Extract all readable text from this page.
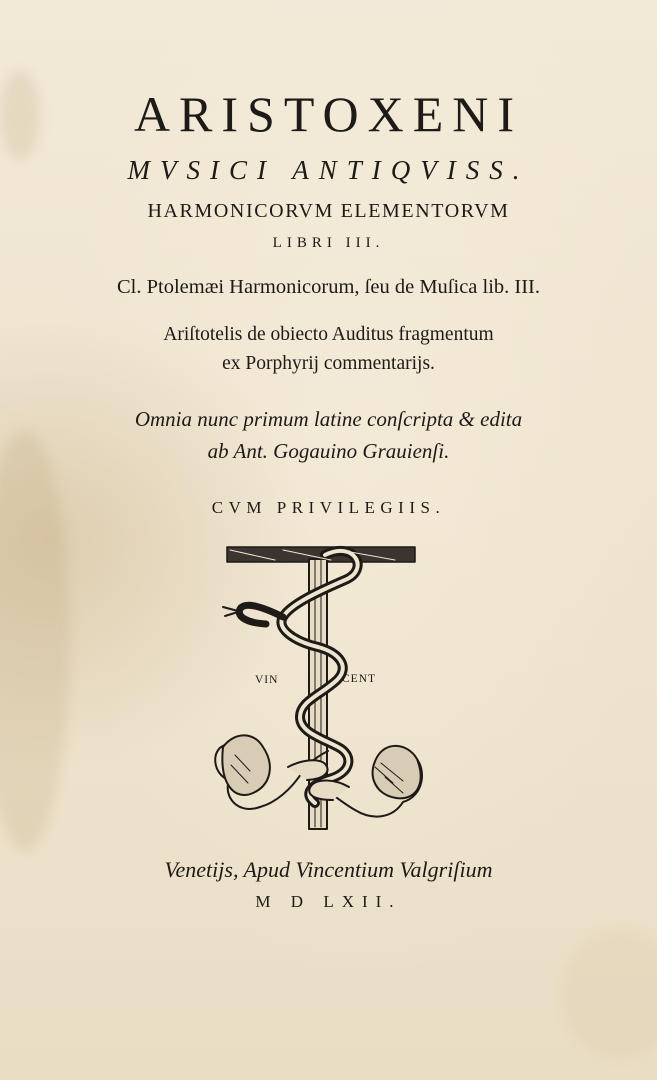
ARISTOXENI

MVSICI ANTIQVISS.

HARMONICORVM ELEMENTORVM

LIBRI III.

Cl. Ptolemæi Harmonicorum, ſeu de Muſica lib. III.

Ariſtotelis de obiecto Auditus fragmentum

ex Porphyrij commentarijs.

Omnia nunc primum latine conſcripta & edita

ab Ant. Gogauino Grauienſi.

CVM PRIVILEGIIS.

VIN	CENT

Venetijs, Apud Vincentium Valgriſium

M D LXII.
